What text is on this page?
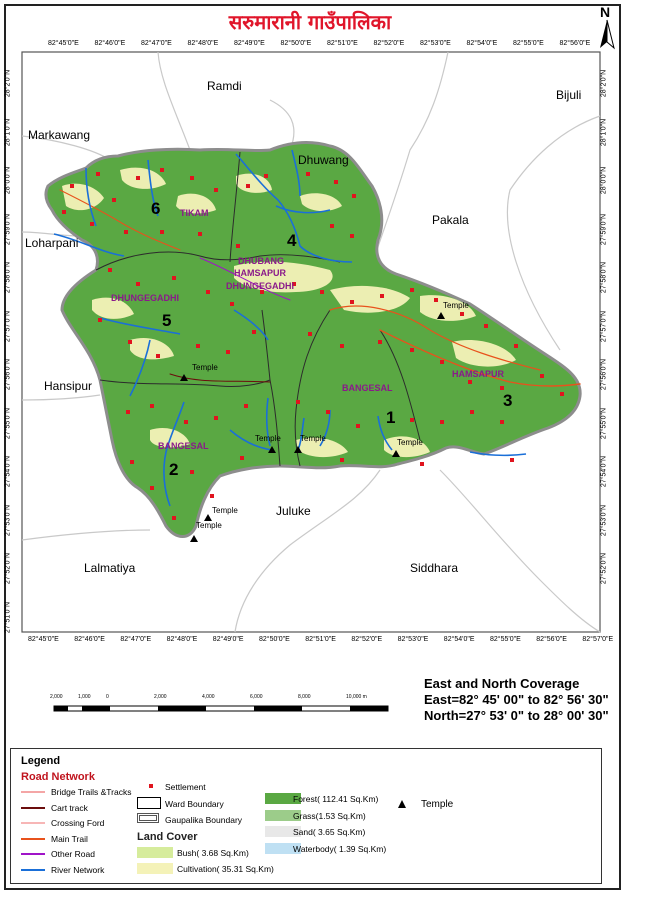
सरुमारानी गाउँपालिका	N
82°45'0"E 82°46'0"E 82°47'0"E 82°48'0"E 82°49'0"E 82°50'0"E 82°51'0"E 82°52'0"E 82°53'0"E 82°54'0"E 82°55'0"E 82°56'0"E
82°45'0"E 82°46'0"E 82°47'0"E 82°48'0"E 82°49'0"E 82°50'0"E 82°51'0"E 82°52'0"E 82°53'0"E 82°54'0"E 82°55'0"E 82°56'0"E 82°57'0"E
28°2'0"N
28°1'0"N
28°0'0"N
27°59'0"N
27°58'0"N
27°57'0"N
27°56'0"N
27°55'0"N
27°54'0"N
27°53'0"N
27°52'0"N
27°51'0"N
28°2'0"N
28°1'0"N
28°0'0"N
27°59'0"N
27°58'0"N
27°57'0"N
27°56'0"N
27°55'0"N
27°54'0"N
27°53'0"N
27°52'0"N
Ramdi
Bijuli
Markawang
Dhuwang
Pakala
Loharpani
Hansipur
Juluke
Lalmatiya	Siddhara
TIKAM
DHUBANG
HAMSAPUR
DHUNGEGADHI
DHUNGEGADHI
BANGESAL
HAMSAPUR
BANGESAL
6
4
5
1
3
2
Temple
Temple
Temple Temple	Temple
Temple
Temple
2,000	1,000	0	2,000	4,000	6,000	8,000	10,000 m
East and North Coverage
East=82° 45' 00" to 82° 56' 30"
North=27° 53' 0" to 28° 00' 30"
Legend
Road Network
Bridge Trails &Tracks
Cart track
Crossing Ford
Main Trail
Other Road
River Network
Settlement
Ward Boundary
Gaupalika Boundary
Land Cover
Bush( 3.68 Sq.Km)
Cultivation( 35.31 Sq.Km)
Forest( 112.41 Sq.Km)
Grass(1.53 Sq.Km)
Sand( 3.65 Sq.Km)
Waterbody( 1.39 Sq.Km)
Temple
